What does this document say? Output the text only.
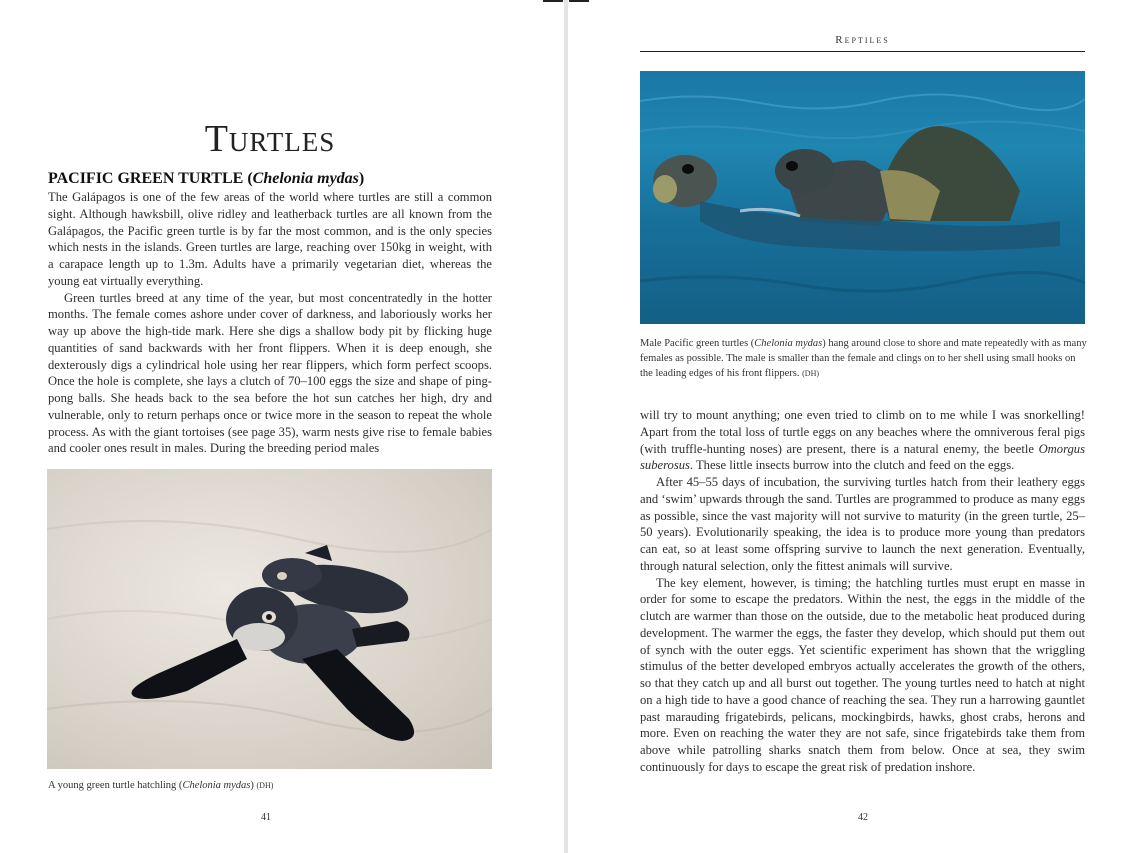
Turtles
PACIFIC GREEN TURTLE (Chelonia mydas)

The Galápagos is one of the few areas of the world where turtles are still a common sight. Although hawksbill, olive ridley and leatherback turtles are all known from the Galápagos, the Pacific green turtle is by far the most common, and is the only species which nests in the islands. Green turtles are large, reaching over 150kg in weight, with a carapace length up to 1.3m. Adults have a primarily vegetarian diet, whereas the young eat virtually everything.

Green turtles breed at any time of the year, but most concentratedly in the hotter months. The female comes ashore under cover of darkness, and laboriously works her way up above the high-tide mark. Here she digs a shallow body pit by flicking huge quantities of sand backwards with her front flippers. When it is deep enough, she dexterously digs a cylindrical hole using her rear flippers, which form perfect scoops. Once the hole is complete, she lays a clutch of 70–100 eggs the size and shape of ping-pong balls. She heads back to the sea before the hot sun catches her high, dry and vulnerable, only to return perhaps once or twice more in the season to repeat the whole process. As with the giant tortoises (see page 35), warm nests give rise to female babies and cooler ones result in males. During the breeding period males

A young green turtle hatchling (Chelonia mydas) (DH)
41
Reptiles
Male Pacific green turtles (Chelonia mydas) hang around close to shore and mate repeatedly with as many females as possible. The male is smaller than the female and clings on to her shell using small hooks on the leading edges of his front flippers. (DH)

will try to mount anything; one even tried to climb on to me while I was snorkelling! Apart from the total loss of turtle eggs on any beaches where the omniverous feral pigs (with truffle-hunting noses) are present, there is a natural enemy, the beetle Omorgus suberosus. These little insects burrow into the clutch and feed on the eggs.

After 45–55 days of incubation, the surviving turtles hatch from their leathery eggs and ‘swim’ upwards through the sand. Turtles are programmed to produce as many eggs as possible, since the vast majority will not survive to maturity (in the green turtle, 25–50 years). Evolutionarily speaking, the idea is to produce more young than predators can eat, so at least some offspring survive to launch the next generation. Eventually, through natural selection, only the fittest animals will survive.

The key element, however, is timing; the hatchling turtles must erupt en masse in order for some to escape the predators. Within the nest, the eggs in the middle of the clutch are warmer than those on the outside, due to the metabolic heat produced during development. The warmer the eggs, the faster they develop, which should put them out of synch with the outer eggs. Yet scientific experiment has shown that the wriggling stimulus of the better developed embryos actually accelerates the growth of the others, so that they catch up and all burst out together. The young turtles need to hatch at night on a high tide to have a good chance of reaching the sea. They run a harrowing gauntlet past marauding frigatebirds, pelicans, mockingbirds, hawks, ghost crabs, herons and more. Even on reaching the water they are not safe, since frigatebirds take them from above while patrolling sharks snatch them from below. Once at sea, they swim continuously for days to escape the great risk of predation inshore.

42
